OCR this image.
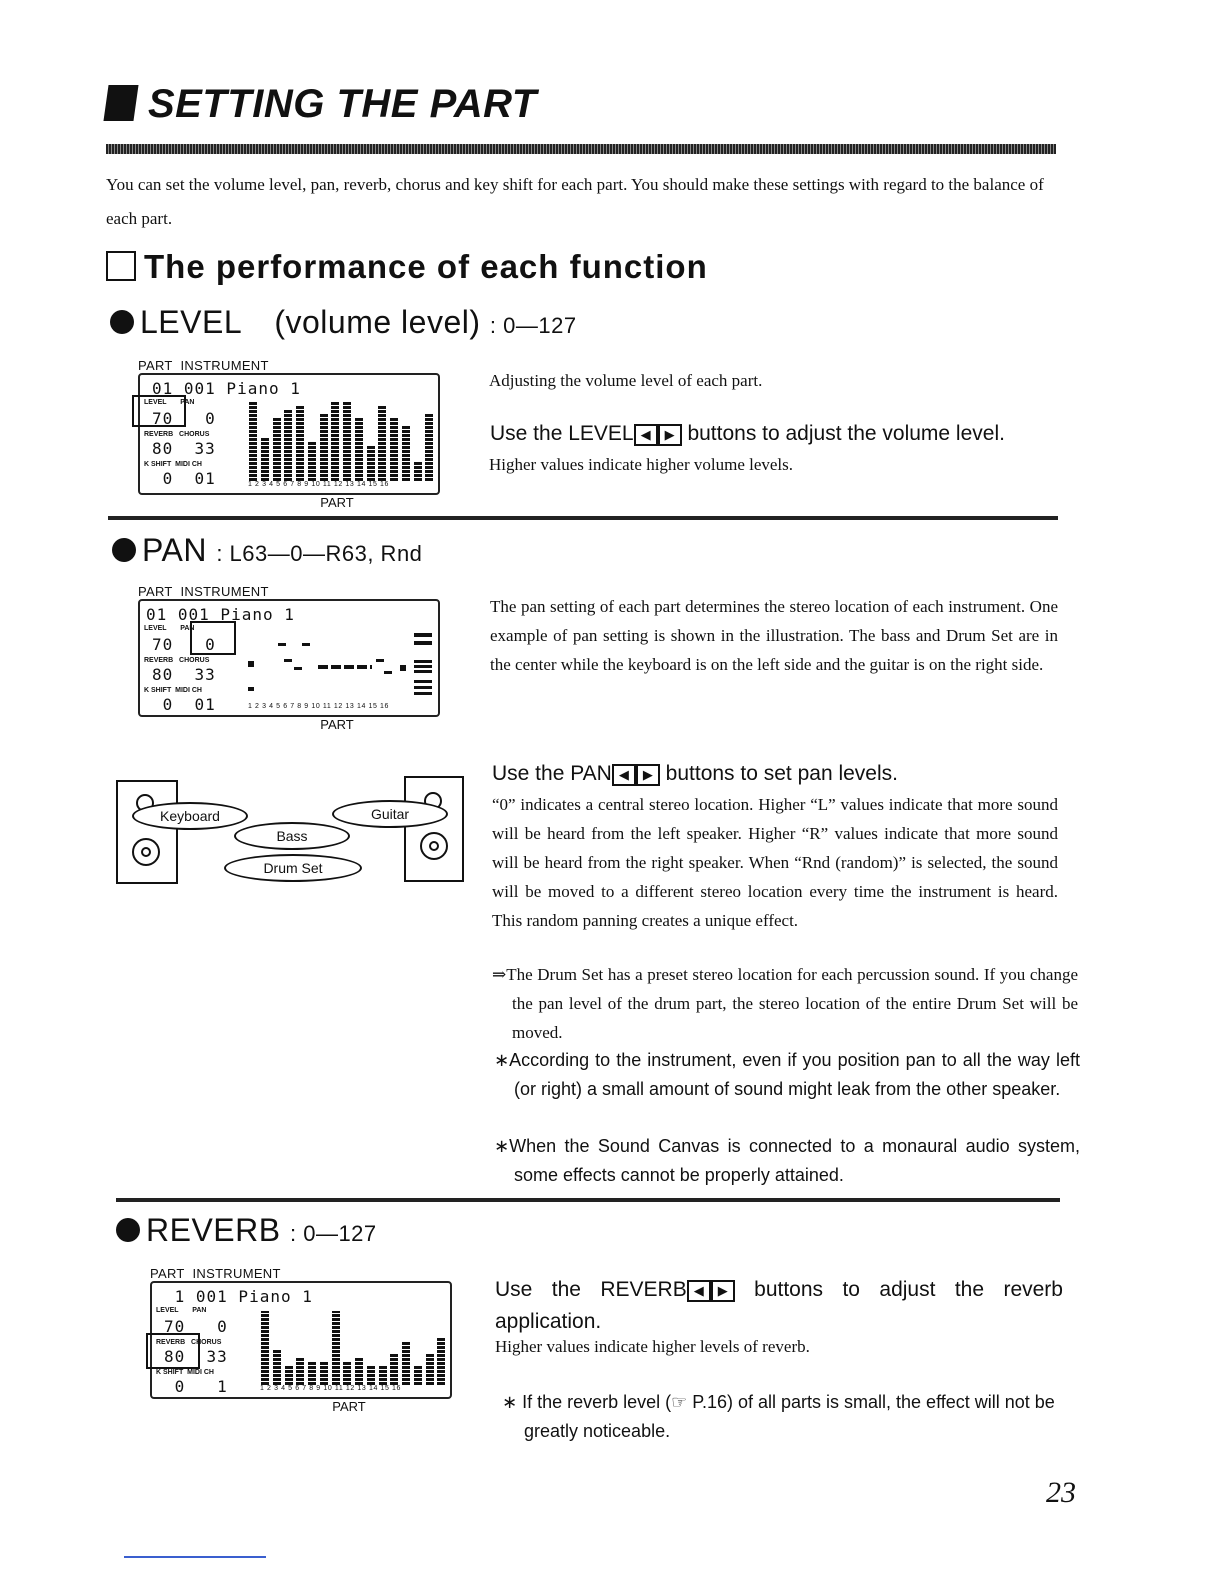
SETTING THE PART
You can set the volume level, pan, reverb, chorus and key shift for each part. You should make these settings with regard to the balance of each part.
The performance of each function
LEVEL (volume level) : 0—127
PART INSTRUMENT
01 001 Piano 1
LEVEL PAN
70   0
REVERB CHORUS
80  33
K SHIFT MIDI CH
0  01	1 2 3 4 5 6 7 8 9 10 11 12 13 14 15 16
PART
Adjusting the volume level of each part.
Use the LEVEL ◀ ▶ buttons to adjust the volume level.
Higher values indicate higher volume levels.
PAN : L63—0—R63, Rnd
PART INSTRUMENT
01 001 Piano 1
LEVEL PAN
70   0
REVERB CHORUS
80  33
K SHIFT MIDI CH
0  01	1 2 3 4 5 6 7 8 9 10 11 12 13 14 15 16
PART
The pan setting of each part determines the stereo location of each instrument. One example of pan setting is shown in the illustration. The bass and Drum Set are in the center while the keyboard is on the left side and the guitar is on the right side.
Keyboard	Guitar
Bass
Drum Set
Use the PAN ◀ ▶ buttons to set pan levels.
“0” indicates a central stereo location. Higher “L” values indicate that more sound will be heard from the left speaker. Higher “R” values indicate that more sound will be heard from the right speaker. When “Rnd (random)” is selected, the sound will be moved to a different stereo location every time the instrument is heard. This random panning creates a unique effect.
⇒The Drum Set has a preset stereo location for each percussion sound. If you change the pan level of the drum part, the stereo location of the entire Drum Set will be moved.
∗According to the instrument, even if you position pan to all the way left (or right) a small amount of sound might leak from the other speaker.
∗When the Sound Canvas is connected to a monaural audio system, some effects cannot be properly attained.
REVERB : 0—127
PART INSTRUMENT
1 001 Piano 1
LEVEL PAN
70   0
REVERB CHORUS
80  33
K SHIFT MIDI CH
0   1	1 2 3 4 5 6 7 8 9 10 11 12 13 14 15 16
PART
Use the REVERB ◀ ▶ buttons to adjust the reverb application.
Higher values indicate higher levels of reverb.
∗ If the reverb level (☞ P.16) of all parts is small, the effect will not be greatly noticeable.
23
